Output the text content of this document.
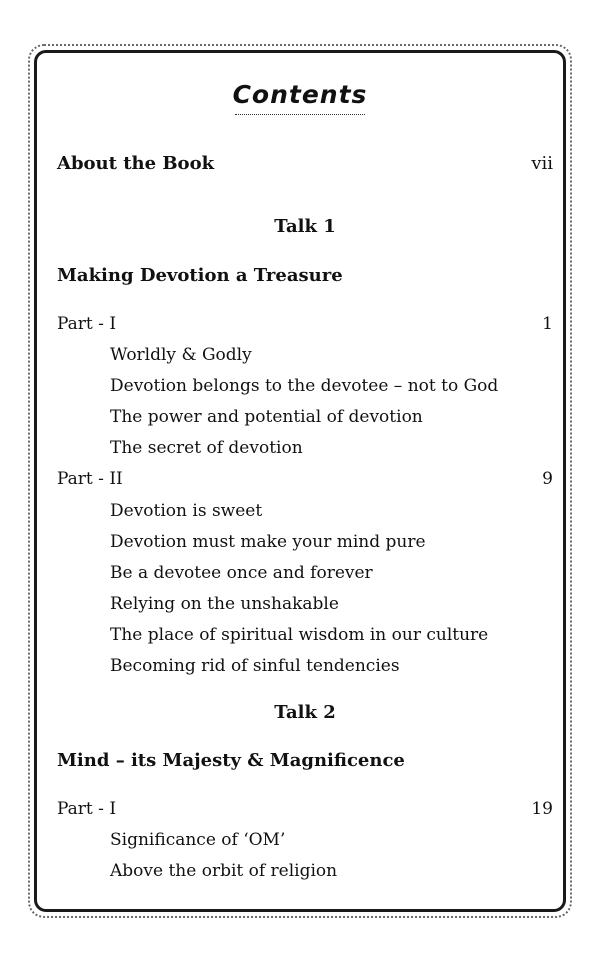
Contents
About the Book	vii
Talk 1
Making Devotion a Treasure
Part - I	1
Worldly & Godly
Devotion belongs to the devotee – not to God
The power and potential of devotion
The secret of devotion
Part - II	9
Devotion is sweet
Devotion must make your mind pure
Be a devotee once and forever
Relying on the unshakable
The place of spiritual wisdom in our culture
Becoming rid of sinful tendencies
Talk 2
Mind – its Majesty & Magnificence
Part - I	19
Significance of ‘OM’
Above the orbit of religion
